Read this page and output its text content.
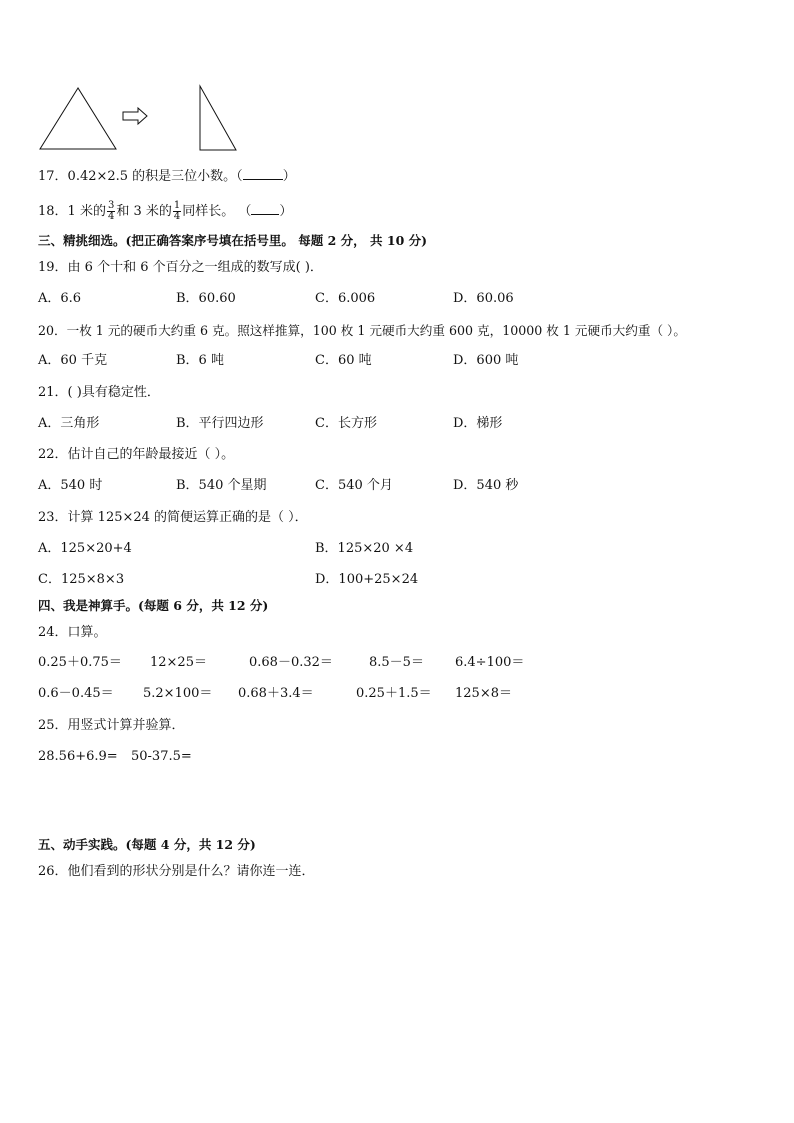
17．0.42×2.5 的积是三位小数。（	）
18．1 米的 $\frac{3}{4}$ 和 3 米的 $\frac{1}{4}$ 同样长。 （ ）
三、精挑细选。(把正确答案序号填在括号里。 每题 2 分， 共 10 分)
19．由 6 个十和 6 个百分之一组成的数写成( )．
A．6.6	B．60.60	C．6.006	D．60.06
20．一枚 1 元的硬币大约重 6 克。照这样推算，100 枚 1 元硬币大约重 600 克，10000 枚 1 元硬币大约重（ ）。
A．60 千克	B．6 吨	C．60 吨	D．600 吨
21．( )具有稳定性．
A．三角形	B．平行四边形	C．长方形	D．梯形
22．估计自己的年龄最接近（ ）。
A．540 时	B．540 个星期	C．540 个月	D．540 秒
23．计算 125×24 的简便运算正确的是（ ）．
A．125×20+4	B．125×20 ×4
C．125×8×3	D．100+25×24
四、我是神算手。(每题 6 分，共 12 分)
24．口算。
0.25＋0.75＝ 12×25＝	0.68－0.32＝	8.5－5＝ 6.4÷100＝
0.6－0.45＝ 5.2×100＝ 0.68＋3.4＝	0.25＋1.5＝ 125×8＝
25．用竖式计算并验算．
28.56+6.9= 50-37.5=
五、动手实践。(每题 4 分，共 12 分)
26．他们看到的形状分别是什么？请你连一连．
